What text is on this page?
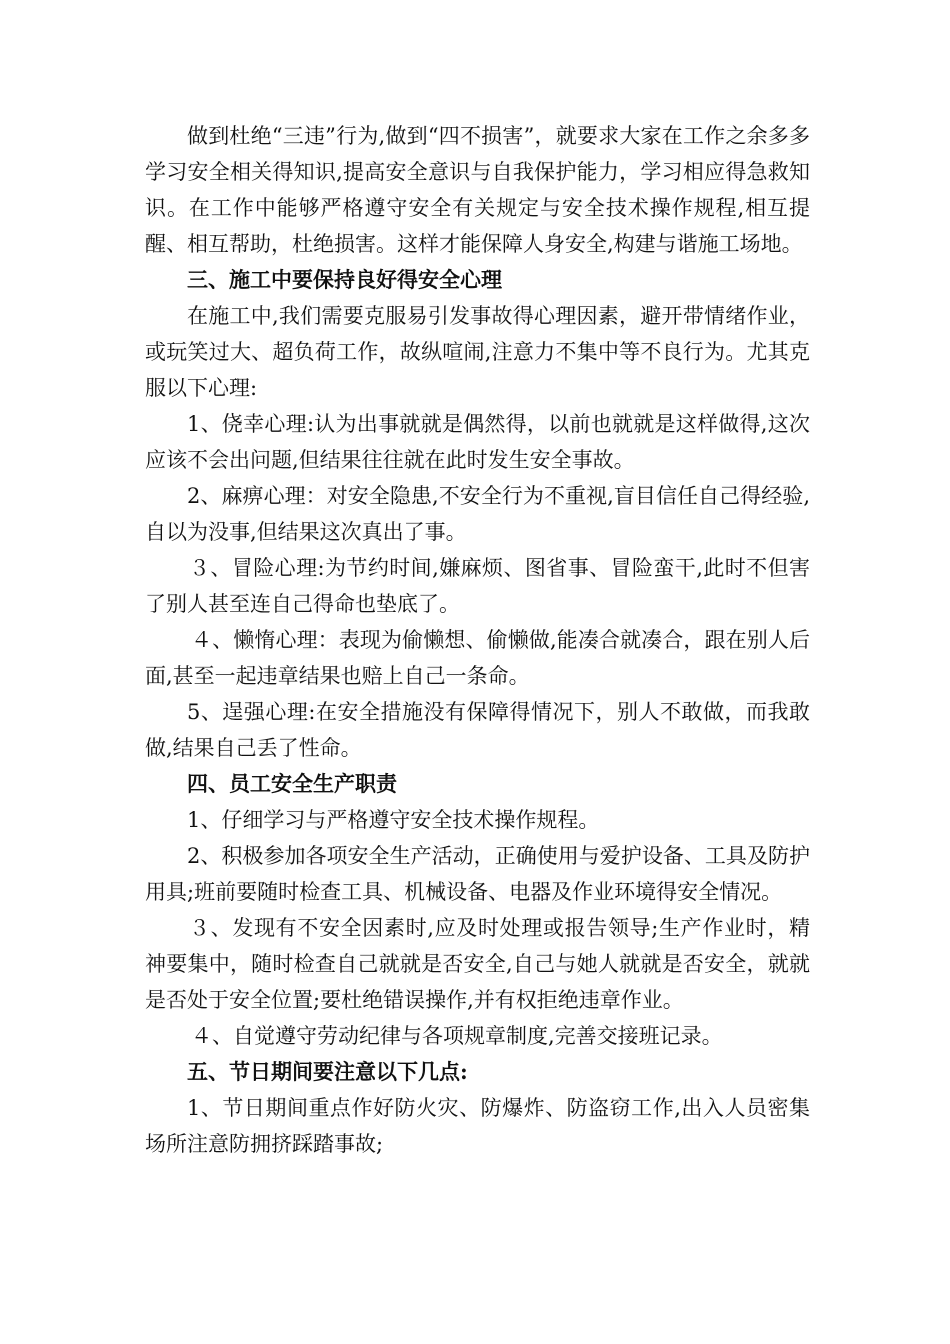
做到杜绝“三违”行为,做到“四不损害”，就要求大家在工作之余多多学习安全相关得知识,提高安全意识与自我保护能力，学习相应得急救知识。在工作中能够严格遵守安全有关规定与安全技术操作规程,相互提醒、相互帮助，杜绝损害。这样才能保障人身安全,构建与谐施工场地。

三、施工中要保持良好得安全心理

在施工中,我们需要克服易引发事故得心理因素，避开带情绪作业，或玩笑过大、超负荷工作，故纵喧闹,注意力不集中等不良行为。尤其克服以下心理:

1、侥幸心理:认为出事就就是偶然得，以前也就就是这样做得,这次应该不会出问题,但结果往往就在此时发生安全事故。

2、麻痹心理：对安全隐患,不安全行为不重视,盲目信任自己得经验,自以为没事,但结果这次真出了事。

３、冒险心理:为节约时间,嫌麻烦、图省事、冒险蛮干,此时不但害了别人甚至连自己得命也垫底了。

４、懒惰心理：表现为偷懒想、偷懒做,能凑合就凑合，跟在别人后面,甚至一起违章结果也赔上自己一条命。

5、逞强心理:在安全措施没有保障得情况下，别人不敢做，而我敢做,结果自己丢了性命。

四、员工安全生产职责

1、仔细学习与严格遵守安全技术操作规程。

2、积极参加各项安全生产活动，正确使用与爱护设备、工具及防护用具;班前要随时检查工具、机械设备、电器及作业环境得安全情况。

３、发现有不安全因素时,应及时处理或报告领导;生产作业时，精神要集中，随时检查自己就就是否安全,自己与她人就就是否安全，就就是否处于安全位置;要杜绝错误操作,并有权拒绝违章作业。

４、自觉遵守劳动纪律与各项规章制度,完善交接班记录。

五、节日期间要注意以下几点:

1、节日期间重点作好防火灾、防爆炸、防盗窃工作,出入人员密集场所注意防拥挤踩踏事故;
